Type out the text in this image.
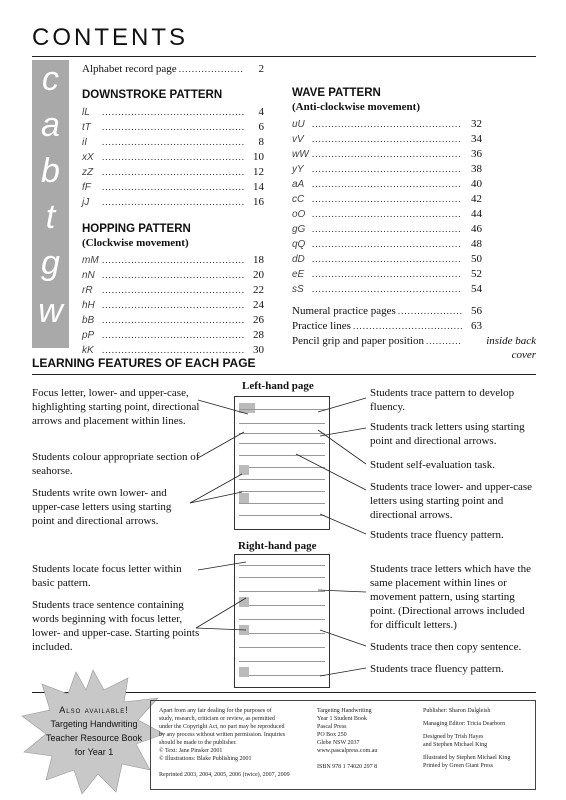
CONTENTS
c
a
b
t
g
w
Alphabet record page .....	2
DOWNSTROKE PATTERN
lL .....	4
tT .....	6
iI .....	8
xX .....	10
zZ .....	12
fF .....	14
jJ .....	16
HOPPING PATTERN
(Clockwise movement)
mM .....	18
nN .....	20
rR .....	22
hH .....	24
bB .....	26
pP .....	28
kK .....	30
WAVE PATTERN
(Anti-clockwise movement)
uU .....	32
vV .....	34
wW .....	36
yY .....	38
aA .....	40
cC .....	42
oO .....	44
gG .....	46
qQ .....	48
dD .....	50
eE .....	52
sS .....	54
Numeral practice pages .....	56
Practice lines .....	63
Pencil grip and paper position .....	inside back cover
LEARNING FEATURES OF EACH PAGE
Left-hand page
Right-hand page
Focus letter, lower- and upper-case, highlighting starting point, directional arrows and placement within lines.
Students colour appropriate section of seahorse.
Students write own lower- and upper-case letters using starting point and directional arrows.
Students trace pattern to develop fluency.
Students track letters using starting point and directional arrows.
Student self-evaluation task.
Students trace lower- and upper-case letters using starting point and directional arrows.
Students trace fluency pattern.
Students locate focus letter within basic pattern.
Students trace sentence containing words beginning with focus letter, lower- and upper-case. Starting points included.
Students trace letters which have the same placement within lines or movement pattern, using starting point. (Directional arrows included for difficult letters.)
Students trace then copy sentence.
Students trace fluency pattern.
Also available!
Targeting Handwriting
Teacher Resource Book
for Year 1
Apart from any fair dealing for the purposes of
study, research, criticism or review, as permitted
under the Copyright Act, no part may be reproduced
by any process without written permission. Inquiries
should be made to the publisher.
© Text: Jane Pinsker 2001
© Illustrations: Blake Publishing 2001
Reprinted 2003, 2004, 2005, 2006 (twice), 2007, 2009
Targeting Handwriting
Year 1 Student Book
Pascal Press
PO Box 250
Glebe NSW 2037
www.pascalpress.com.au
ISBN 978 1 74020 297 8
Publisher: Sharon Dalgleish
Managing Editor: Tricia Dearborn
Designed by Trish Hayes
and Stephen Michael King
Illustrated by Stephen Michael King
Printed by Green Giant Press
